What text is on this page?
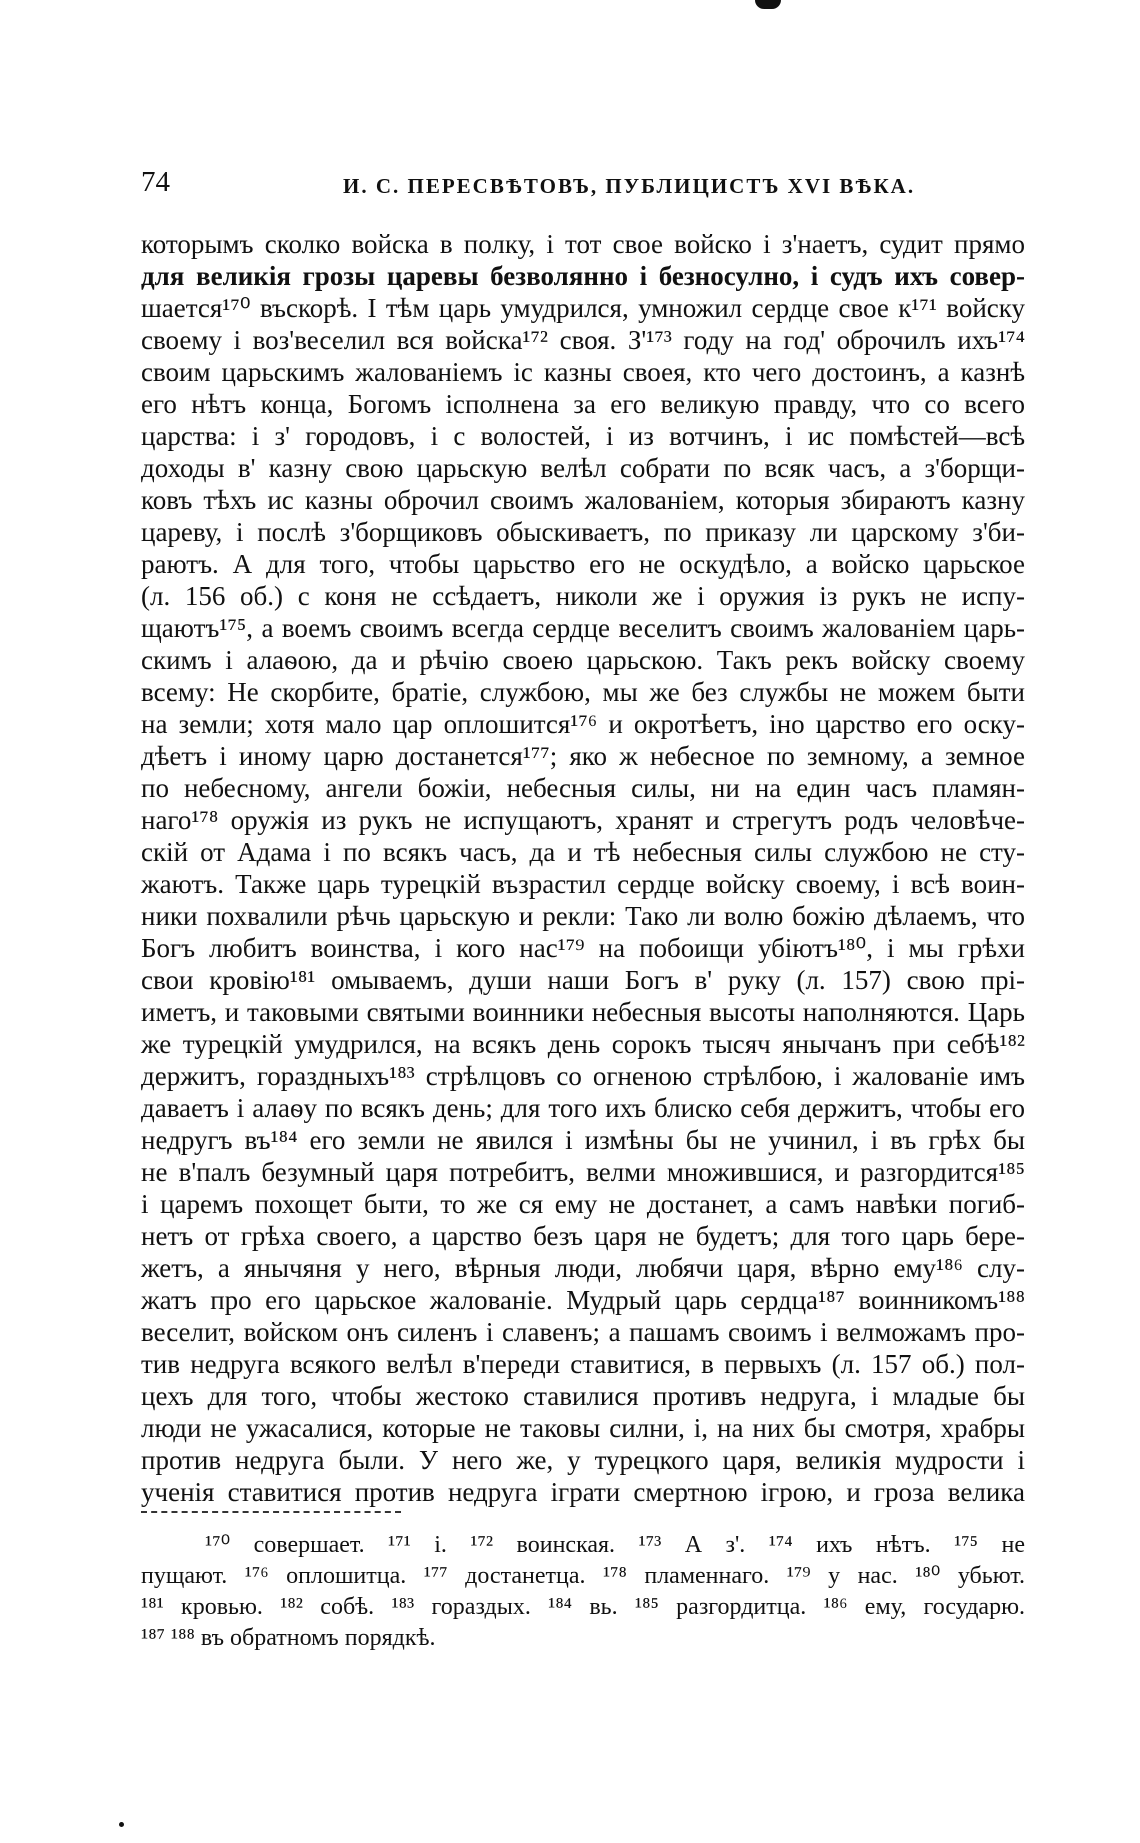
74	И. С. ПЕРЕСВѢТОВЪ, ПУБЛИЦИСТЪ XVI ВѢКА.
которымъ сколко войска в полку, і тот свое войско і з'наетъ, судит прямо
для великія грозы царевы безволянно і безносулно, і судъ ихъ совер-
шается¹⁷⁰ въскорѣ. I тѣм царь умудрился, умножил сердце свое к¹⁷¹ войску
своему і воз'веселил вся войска¹⁷² своя. З'¹⁷³ году на год' оброчилъ ихъ¹⁷⁴
своим царьскимъ жалованіемъ іс казны своея, кто чего достоинъ, а казнѣ
его нѣтъ конца, Богомъ ісполнена за его великую правду, что со всего
царства: і з' городовъ, і с волостей, і из вотчинъ, і ис помѣстей—всѣ
доходы в' казну свою царьскую велѣл собрати по всяк часъ, а з'борщи-
ковъ тѣхъ ис казны оброчил своимъ жалованіем, которыя збираютъ казну
цареву, і послѣ з'борщиковъ обыскиваетъ, по приказу ли царскому з'би-
раютъ. А для того, чтобы царьство его не оскудѣло, а войско царьское
(л. 156 об.) с коня не ссѣдаетъ, николи же і оружия із рукъ не испу-
щаютъ¹⁷⁵, а воемъ своимъ всегда сердце веселитъ своимъ жалованіем царь-
скимъ і алаѳою, да и рѣчію своею царьскою. Такъ рекъ войску своему
всему: Не скорбите, братіе, службою, мы же без службы не можем быти
на земли; хотя мало цар оплошится¹⁷⁶ и окротѣетъ, іно царство его оску-
дѣетъ і иному царю достанется¹⁷⁷; яко ж небесное по земному, а земное
по небесному, ангели божіи, небесныя силы, ни на един часъ пламян-
наго¹⁷⁸ оружія из рукъ не испущаютъ, хранят и стрегутъ родъ человѣче-
скій от Адама і по всякъ часъ, да и тѣ небесныя силы службою не сту-
жаютъ. Также царь турецкій възрастил сердце войску своему, і всѣ воин-
ники похвалили рѣчь царьскую и рекли: Тако ли волю божію дѣлаемъ, что
Богъ любитъ воинства, і кого нас¹⁷⁹ на побоищи убіютъ¹⁸⁰, і мы грѣхи
свои кровію¹⁸¹ омываемъ, души наши Богъ в' руку (л. 157) свою прі-
иметъ, и таковыми святыми воинники небесныя высоты наполняются. Царь
же турецкій умудрился, на всякъ день сорокъ тысяч янычанъ при себѣ¹⁸²
держитъ, гораздныхъ¹⁸³ стрѣлцовъ со огненою стрѣлбою, і жалованіе имъ
даваетъ і алаѳу по всякъ день; для того ихъ блиско себя держитъ, чтобы его
недругъ въ¹⁸⁴ его земли не явился і измѣны бы не учинил, і въ грѣх бы
не в'палъ безумный царя потребитъ, велми множившися, и разгордится¹⁸⁵
і царемъ похощет быти, то же ся ему не достанет, а самъ навѣки погиб-
нетъ от грѣха своего, а царство безъ царя не будетъ; для того царь бере-
жетъ, а янычяня у него, вѣрныя люди, любячи царя, вѣрно ему¹⁸⁶ слу-
жатъ про его царьское жалованіе. Мудрый царь сердца¹⁸⁷ воинникомъ¹⁸⁸
веселит, войском онъ силенъ і славенъ; а пашамъ своимъ і велможамъ про-
тив недруга всякого велѣл в'переди ставитися, в первыхъ (л. 157 об.) пол-
цехъ для того, чтобы жестоко ставилися противъ недруга, і младые бы
люди не ужасалися, которые не таковы силни, і, на них бы смотря, храбры
против недруга были. У него же, у турецкого царя, великія мудрости і
ученія ставитися против недруга іграти смертною ігрою, и гроза велика
¹⁷⁰ совершает. ¹⁷¹ і. ¹⁷² воинская. ¹⁷³ А з'. ¹⁷⁴ ихъ нѣтъ. ¹⁷⁵ не
пущают. ¹⁷⁶ оплошитца. ¹⁷⁷ достанетца. ¹⁷⁸ пламеннаго. ¹⁷⁹ у нас. ¹⁸⁰ убьют.
¹⁸¹ кровью. ¹⁸² собѣ. ¹⁸³ гораздых. ¹⁸⁴ вь. ¹⁸⁵ разгордитца. ¹⁸⁶ ему, государю.
¹⁸⁷ ¹⁸⁸ въ обратномъ порядкѣ.
